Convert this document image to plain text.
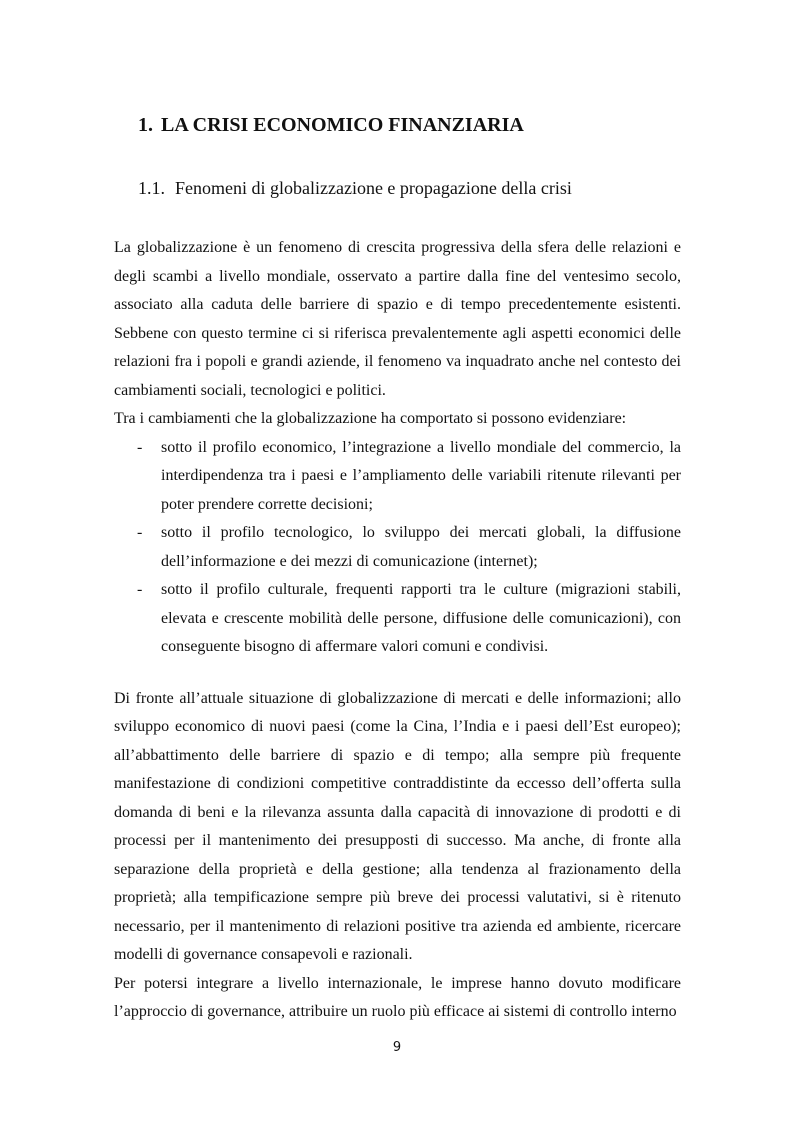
1. LA CRISI ECONOMICO FINANZIARIA
1.1. Fenomeni di globalizzazione e propagazione della crisi

La globalizzazione è un fenomeno di crescita progressiva della sfera delle relazioni e degli scambi a livello mondiale, osservato a partire dalla fine del ventesimo secolo, associato alla caduta delle barriere di spazio e di tempo precedentemente esistenti. Sebbene con questo termine ci si riferisca prevalentemente agli aspetti economici delle relazioni fra i popoli e grandi aziende, il fenomeno va inquadrato anche nel contesto dei cambiamenti sociali, tecnologici e politici.

Tra i cambiamenti che la globalizzazione ha comportato si possono evidenziare:

- sotto il profilo economico, l’integrazione a livello mondiale del commercio, la interdipendenza tra i paesi e l’ampliamento delle variabili ritenute rilevanti per poter prendere corrette decisioni;
- sotto il profilo tecnologico, lo sviluppo dei mercati globali, la diffusione dell’informazione e dei mezzi di comunicazione (internet);
- sotto il profilo culturale, frequenti rapporti tra le culture (migrazioni stabili, elevata e crescente mobilità delle persone, diffusione delle comunicazioni), con conseguente bisogno di affermare valori comuni e condivisi.

Di fronte all’attuale situazione di globalizzazione di mercati e delle informazioni; allo sviluppo economico di nuovi paesi (come la Cina, l’India e i paesi dell’Est europeo); all’abbattimento delle barriere di spazio e di tempo; alla sempre più frequente manifestazione di condizioni competitive contraddistinte da eccesso dell’offerta sulla domanda di beni e la rilevanza assunta dalla capacità di innovazione di prodotti e di processi per il mantenimento dei presupposti di successo. Ma anche, di fronte alla separazione della proprietà e della gestione; alla tendenza al frazionamento della proprietà; alla tempificazione sempre più breve dei processi valutativi, si è ritenuto necessario, per il mantenimento di relazioni positive tra azienda ed ambiente, ricercare modelli di governance consapevoli e razionali.

Per potersi integrare a livello internazionale, le imprese hanno dovuto modificare l’approccio di governance, attribuire un ruolo più efficace ai sistemi di controllo interno

9
